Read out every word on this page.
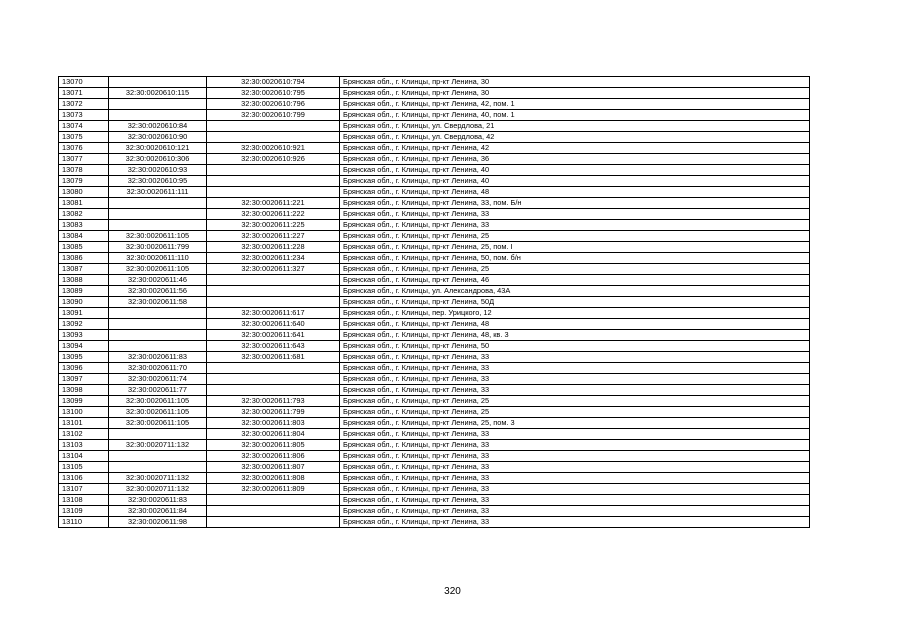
13070		32:30:0020610:794	Брянская обл., г. Клинцы, пр-кт Ленина, 30
13071	32:30:0020610:115	32:30:0020610:795	Брянская обл., г. Клинцы, пр-кт Ленина, 30
13072		32:30:0020610:796	Брянская обл., г. Клинцы, пр-кт Ленина, 42, пом. 1
13073		32:30:0020610:799	Брянская обл., г. Клинцы, пр-кт Ленина, 40, пом. 1
13074	32:30:0020610:84		Брянская обл., г. Клинцы, ул. Свердлова, 21
13075	32:30:0020610:90		Брянская обл., г. Клинцы, ул. Свердлова, 42
13076	32:30:0020610:121	32:30:0020610:921	Брянская обл., г. Клинцы, пр-кт Ленина, 42
13077	32:30:0020610:306	32:30:0020610:926	Брянская обл., г. Клинцы, пр-кт Ленина, 36
13078	32:30:0020610:93		Брянская обл., г. Клинцы, пр-кт Ленина, 40
13079	32:30:0020610:95		Брянская обл., г. Клинцы, пр-кт Ленина, 40
13080	32:30:0020611:111		Брянская обл., г. Клинцы, пр-кт Ленина, 48
13081		32:30:0020611:221	Брянская обл., г. Клинцы, пр-кт Ленина, 33, пом. Б/н
13082		32:30:0020611:222	Брянская обл., г. Клинцы, пр-кт Ленина, 33
13083		32:30:0020611:225	Брянская обл., г. Клинцы, пр-кт Ленина, 33
13084	32:30:0020611:105	32:30:0020611:227	Брянская обл., г. Клинцы, пр-кт Ленина, 25
13085	32:30:0020611:799	32:30:0020611:228	Брянская обл., г. Клинцы, пр-кт Ленина, 25, пом. I
13086	32:30:0020611:110	32:30:0020611:234	Брянская обл., г. Клинцы, пр-кт Ленина, 50, пом. б/н
13087	32:30:0020611:105	32:30:0020611:327	Брянская обл., г. Клинцы, пр-кт Ленина, 25
13088	32:30:0020611:46		Брянская обл., г. Клинцы, пр-кт Ленина, 46
13089	32:30:0020611:56		Брянская обл., г. Клинцы, ул. Александрова, 43А
13090	32:30:0020611:58		Брянская обл., г. Клинцы, пр-кт Ленина, 50Д
13091		32:30:0020611:617	Брянская обл., г. Клинцы, пер. Урицкого, 12
13092		32:30:0020611:640	Брянская обл., г. Клинцы, пр-кт Ленина, 48
13093		32:30:0020611:641	Брянская обл., г. Клинцы, пр-кт Ленина, 48, кв. 3
13094		32:30:0020611:643	Брянская обл., г. Клинцы, пр-кт Ленина, 50
13095	32:30:0020611:83	32:30:0020611:681	Брянская обл., г. Клинцы, пр-кт Ленина, 33
13096	32:30:0020611:70		Брянская обл., г. Клинцы, пр-кт Ленина, 33
13097	32:30:0020611:74		Брянская обл., г. Клинцы, пр-кт Ленина, 33
13098	32:30:0020611:77		Брянская обл., г. Клинцы, пр-кт Ленина, 33
13099	32:30:0020611:105	32:30:0020611:793	Брянская обл., г. Клинцы, пр-кт Ленина, 25
13100	32:30:0020611:105	32:30:0020611:799	Брянская обл., г. Клинцы, пр-кт Ленина, 25
13101	32:30:0020611:105	32:30:0020611:803	Брянская обл., г. Клинцы, пр-кт Ленина, 25, пом. 3
13102		32:30:0020611:804	Брянская обл., г. Клинцы, пр-кт Ленина, 33
13103	32:30:0020711:132	32:30:0020611:805	Брянская обл., г. Клинцы, пр-кт Ленина, 33
13104		32:30:0020611:806	Брянская обл., г. Клинцы, пр-кт Ленина, 33
13105		32:30:0020611:807	Брянская обл., г. Клинцы, пр-кт Ленина, 33
13106	32:30:0020711:132	32:30:0020611:808	Брянская обл., г. Клинцы, пр-кт Ленина, 33
13107	32:30:0020711:132	32:30:0020611:809	Брянская обл., г. Клинцы, пр-кт Ленина, 33
13108	32:30:0020611:83		Брянская обл., г. Клинцы, пр-кт Ленина, 33
13109	32:30:0020611:84		Брянская обл., г. Клинцы, пр-кт Ленина, 33
13110	32:30:0020611:98		Брянская обл., г. Клинцы, пр-кт Ленина, 33
320
